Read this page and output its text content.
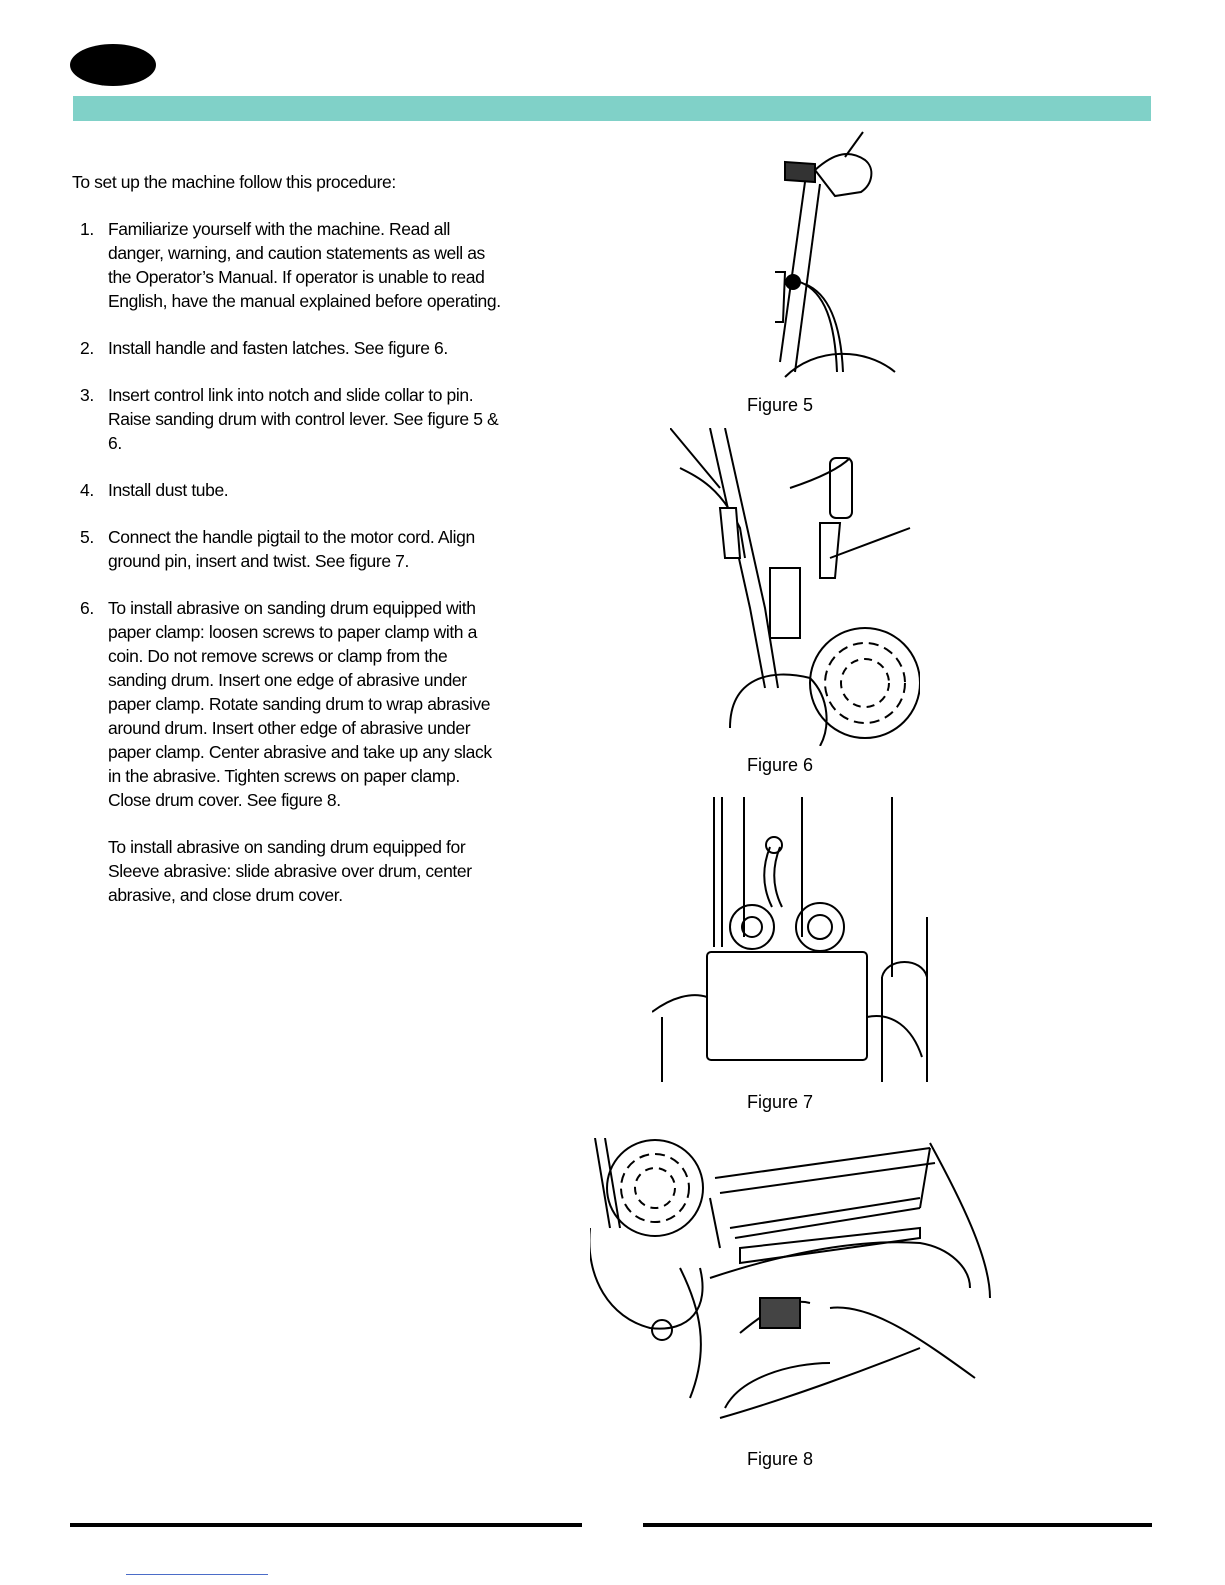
To set up the machine follow this procedure:

1. Familiarize yourself with the machine. Read all danger, warning, and caution statements as well as the Operator’s Manual. If operator is unable to read English, have the manual explained before operating.

2. Install handle and fasten latches. See figure 6.

3. Insert control link into notch and slide collar to pin. Raise sanding drum with control lever. See figure 5 & 6.

4. Install dust tube.

5. Connect the handle pigtail to the motor cord. Align ground pin, insert and twist. See figure 7.

6. To install abrasive on sanding drum equipped with paper clamp: loosen screws to paper clamp with a coin. Do not remove screws or clamp from the sanding drum. Insert one edge of abrasive under paper clamp. Rotate sanding drum to wrap abrasive around drum. Insert other edge of abrasive under paper clamp. Center abrasive and take up any slack in the abrasive. Tighten screws on paper clamp.

Close drum cover. See figure 8.

To install abrasive on sanding drum equipped for Sleeve abrasive: slide abrasive over drum, center abrasive, and close drum cover.

Figure 5
Figure 6
Figure 7
Figure 8
